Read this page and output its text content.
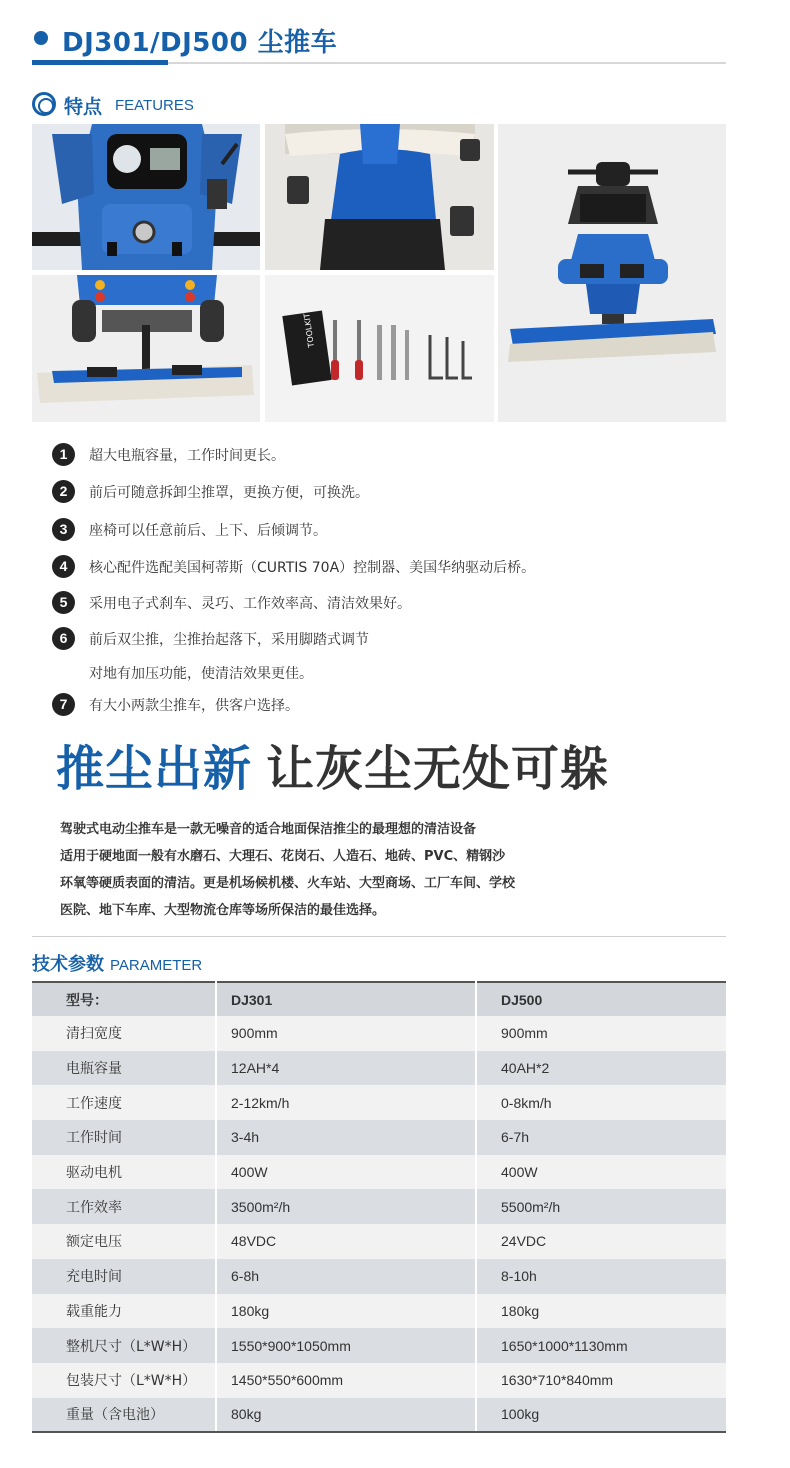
DJ301/DJ500 尘推车
特点 FEATURES
TOOLKIT
1	超大电瓶容量，工作时间更长。
2	前后可随意拆卸尘推罩，更换方便，可换洗。
3	座椅可以任意前后、上下、后倾调节。
4	核心配件选配美国柯蒂斯（CURTIS 70A）控制器、美国华纳驱动后桥。
5	采用电子式刹车、灵巧、工作效率高、清洁效果好。
6	前后双尘推，尘推抬起落下，采用脚踏式调节
对地有加压功能，使清洁效果更佳。
7	有大小两款尘推车，供客户选择。
推尘出新 让灰尘无处可躲
驾驶式电动尘推车是一款无噪音的适合地面保洁推尘的最理想的清洁设备
适用于硬地面一般有水磨石、大理石、花岗石、人造石、地砖、PVC、精钢沙
环氧等硬质表面的清洁。更是机场候机楼、火车站、大型商场、工厂车间、学校
医院、地下车库、大型物流仓库等场所保洁的最佳选择。
技术参数 PARAMETER
型号：	DJ301	DJ500
清扫宽度	900mm	900mm
电瓶容量	12AH*4	40AH*2
工作速度	2-12km/h	0-8km/h
工作时间	3-4h	6-7h
驱动电机	400W	400W
工作效率	3500m²/h	5500m²/h
额定电压	48VDC	24VDC
充电时间	6-8h	8-10h
载重能力	180kg	180kg
整机尺寸（L*W*H）	1550*900*1050mm	1650*1000*1130mm
包装尺寸（L*W*H）	1450*550*600mm	1630*710*840mm
重量（含电池）	80kg	100kg
